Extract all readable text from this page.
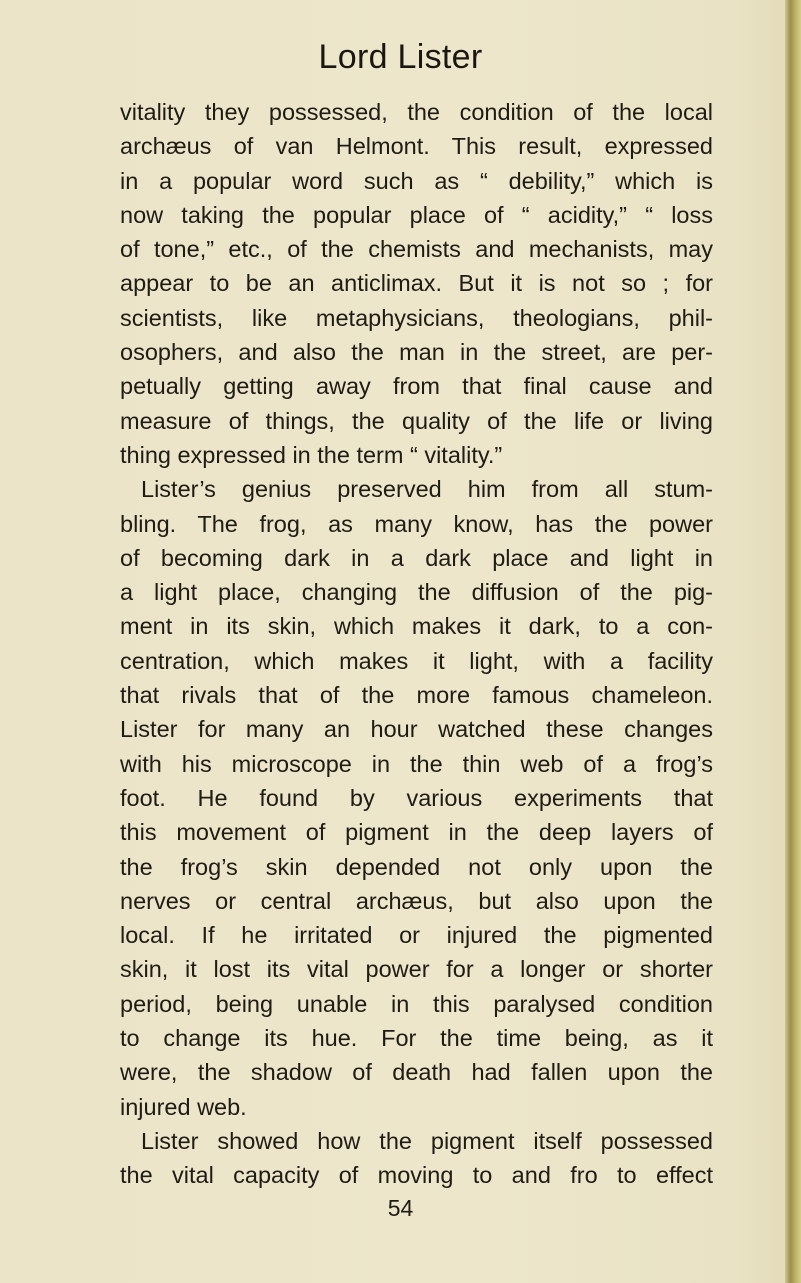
Lord Lister
vitality they possessed, the condition of the local
archæus of van Helmont. This result, expressed
in a popular word such as “ debility,” which is
now taking the popular place of “ acidity,” “ loss
of tone,” etc., of the chemists and mechanists, may
appear to be an anticlimax. But it is not so ; for
scientists, like metaphysicians, theologians, phil-
osophers, and also the man in the street, are per-
petually getting away from that final cause and
measure of things, the quality of the life or living
thing expressed in the term “ vitality.”
Lister’s genius preserved him from all stum-
bling. The frog, as many know, has the power
of becoming dark in a dark place and light in
a light place, changing the diffusion of the pig-
ment in its skin, which makes it dark, to a con-
centration, which makes it light, with a facility
that rivals that of the more famous chameleon.
Lister for many an hour watched these changes
with his microscope in the thin web of a frog’s
foot. He found by various experiments that
this movement of pigment in the deep layers of
the frog’s skin depended not only upon the
nerves or central archæus, but also upon the
local. If he irritated or injured the pigmented
skin, it lost its vital power for a longer or shorter
period, being unable in this paralysed condition
to change its hue. For the time being, as it
were, the shadow of death had fallen upon the
injured web.
Lister showed how the pigment itself possessed
the vital capacity of moving to and fro to effect
54
